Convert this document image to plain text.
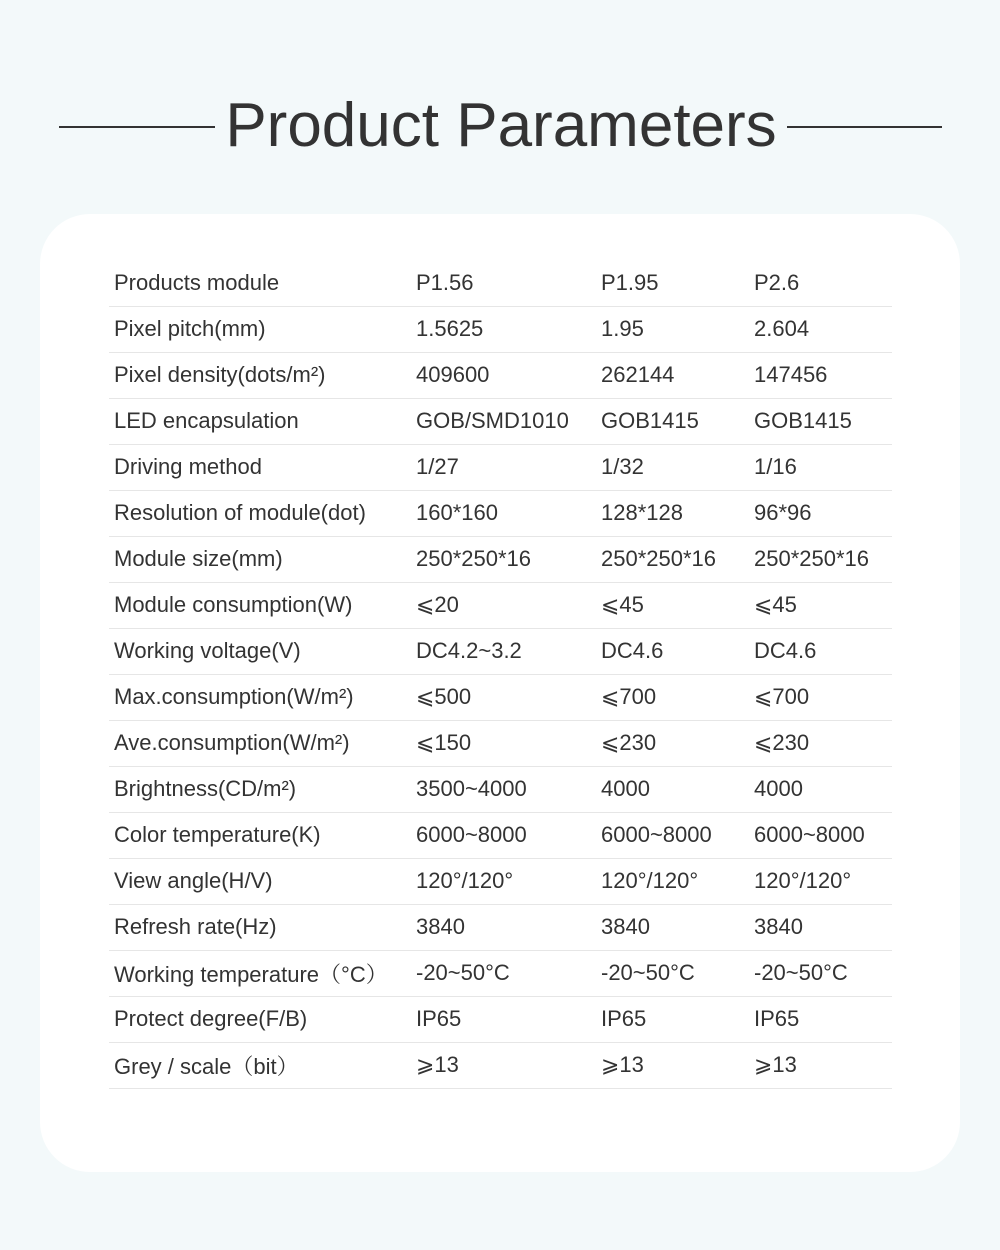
Product Parameters
Products module	P1.56	P1.95	P2.6
Pixel pitch(mm)	1.5625	1.95	2.604
Pixel density(dots/m²)	409600	262144	147456
LED encapsulation	GOB/SMD1010	GOB1415	GOB1415
Driving method	1/27	1/32	1/16
Resolution of module(dot)	160*160	128*128	96*96
Module size(mm)	250*250*16	250*250*16	250*250*16
Module consumption(W)	⩽20	⩽45	⩽45
Working voltage(V)	DC4.2~3.2	DC4.6	DC4.6
Max.consumption(W/m²)	⩽500	⩽700	⩽700
Ave.consumption(W/m²)	⩽150	⩽230	⩽230
Brightness(CD/m²)	3500~4000	4000	4000
Color temperature(K)	6000~8000	6000~8000	6000~8000
View angle(H/V)	120°/120°	120°/120°	120°/120°
Refresh rate(Hz)	3840	3840	3840
Working temperature（°C）	-20~50°C	-20~50°C	-20~50°C
Protect degree(F/B)	IP65	IP65	IP65
Grey / scale（bit）	⩾13	⩾13	⩾13
